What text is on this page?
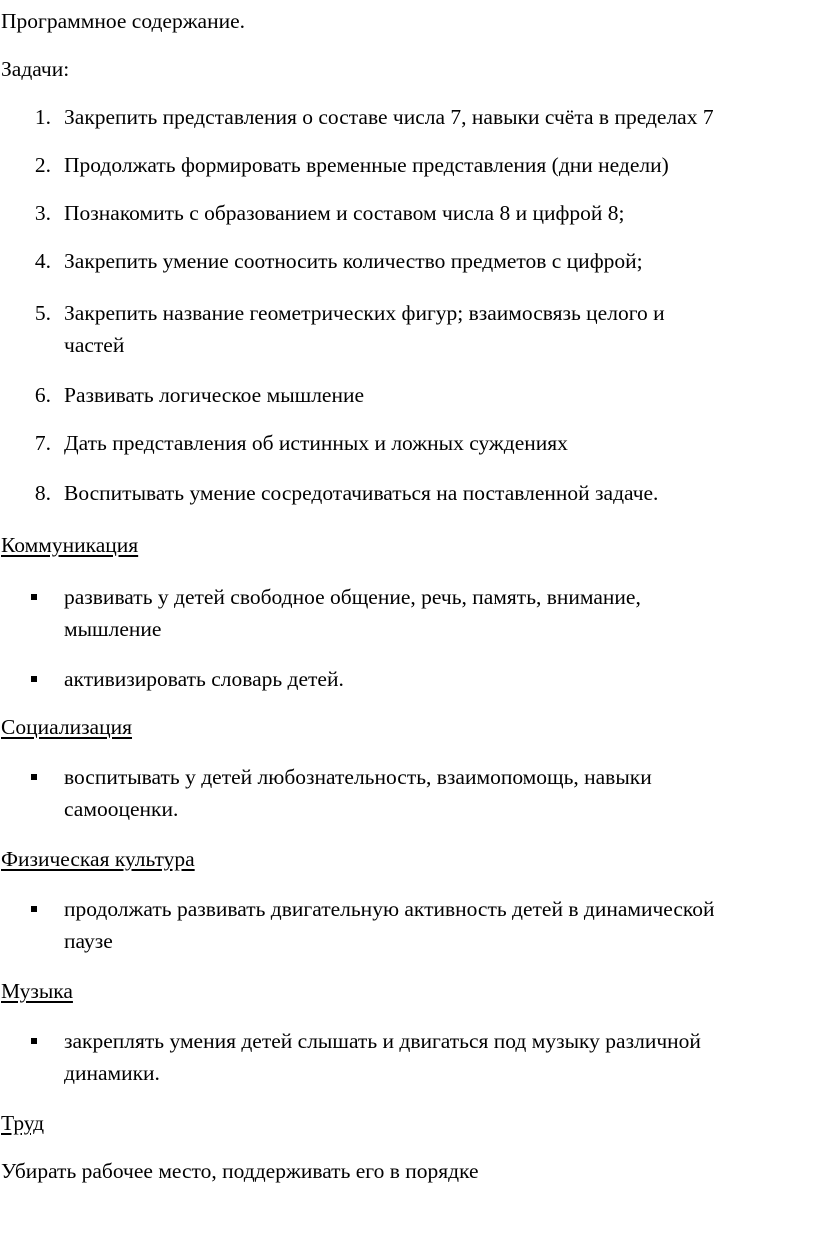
Программное содержание.

Задачи:

1. Закрепить представления о составе числа 7, навыки счёта в пределах 7
2. Продолжать формировать временные представления (дни недели)
3. Познакомить с образованием и составом числа 8 и цифрой 8;
4. Закрепить умение соотносить количество предметов с цифрой;
5. Закрепить название геометрических фигур; взаимосвязь целого и
частей
6. Развивать логическое мышление
7. Дать представления об истинных и ложных суждениях
8. Воспитывать умение сосредотачиваться на поставленной задаче.

Коммуникация

развивать у детей свободное общение, речь, память, внимание,
мышление
активизировать словарь детей.

Социализация

воспитывать у детей любознательность, взаимопомощь, навыки
самооценки.

Физическая культура

продолжать развивать двигательную активность детей в динамической
паузе

Музыка

закреплять умения детей слышать и двигаться под музыку различной
динамики.

Труд

Убирать рабочее место, поддерживать его в порядке
